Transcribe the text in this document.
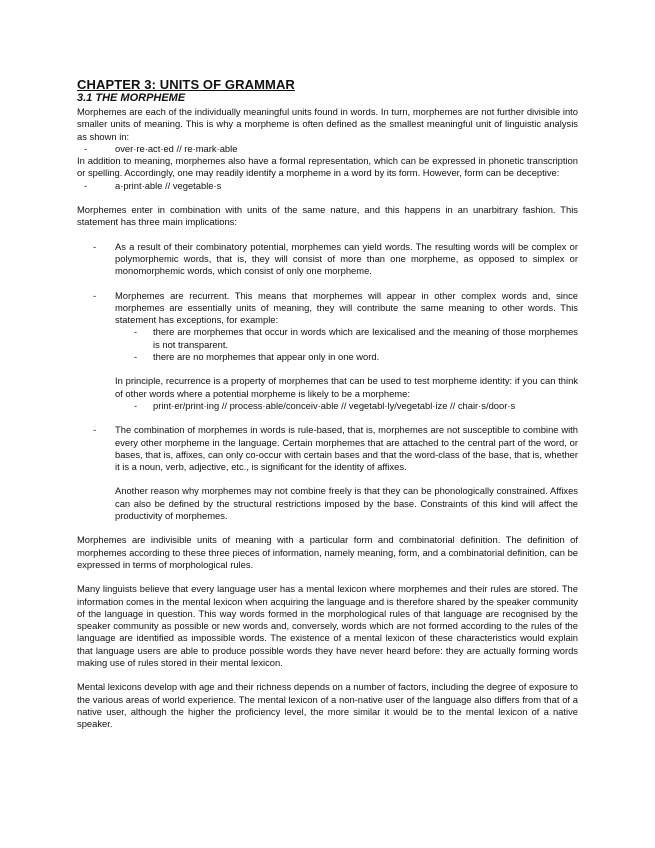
CHAPTER 3: UNITS OF GRAMMAR
3.1 THE MORPHEME

Morphemes are each of the individually meaningful units found in words. In turn, morphemes are not further divisible into smaller units of meaning. This is why a morpheme is often defined as the smallest meaningful unit of linguistic analysis as shown in:

- over·re·act·ed // re·mark·able

In addition to meaning, morphemes also have a formal representation, which can be expressed in phonetic transcription or spelling. Accordingly, one may readily identify a morpheme in a word by its form. However, form can be deceptive:

- a·print·able // vegetable·s

Morphemes enter in combination with units of the same nature, and this happens in an unarbitrary fashion. This statement has three main implications:

- As a result of their combinatory potential, morphemes can yield words. The resulting words will be complex or polymorphemic words, that is, they will consist of more than one morpheme, as opposed to simplex or monomorphemic words, which consist of only one morpheme.
- Morphemes are recurrent. This means that morphemes will appear in other complex words and, since morphemes are essentially units of meaning, they will contribute the same meaning to other words. This statement has exceptions, for example:
- there are morphemes that occur in words which are lexicalised and the meaning of those morphemes is not transparent.
- there are no morphemes that appear only in one word.
In principle, recurrence is a property of morphemes that can be used to test morpheme identity: if you can think of other words where a potential morpheme is likely to be a morpheme:
- print·er/print·ing // process·able/conceiv·able // vegetabl·ly/vegetabl·ize // chair·s/door·s
- The combination of morphemes in words is rule-based, that is, morphemes are not susceptible to combine with every other morpheme in the language. Certain morphemes that are attached to the central part of the word, or bases, that is, affixes, can only co-occur with certain bases and that the word-class of the base, that is, whether it is a noun, verb, adjective, etc., is significant for the identity of affixes.
Another reason why morphemes may not combine freely is that they can be phonologically constrained. Affixes can also be defined by the structural restrictions imposed by the base. Constraints of this kind will affect the productivity of morphemes.

Morphemes are indivisible units of meaning with a particular form and combinatorial definition. The definition of morphemes according to these three pieces of information, namely meaning, form, and a combinatorial definition, can be expressed in terms of morphological rules.

Many linguists believe that every language user has a mental lexicon where morphemes and their rules are stored. The information comes in the mental lexicon when acquiring the language and is therefore shared by the speaker community of the language in question. This way words formed in the morphological rules of that language are recognised by the speaker community as possible or new words and, conversely, words which are not formed according to the rules of the language are identified as impossible words. The existence of a mental lexicon of these characteristics would explain that language users are able to produce possible words they have never heard before: they are actually forming words making use of rules stored in their mental lexicon.

Mental lexicons develop with age and their richness depends on a number of factors, including the degree of exposure to the various areas of world experience. The mental lexicon of a non-native user of the language also differs from that of a native user, although the higher the proficiency level, the more similar it would be to the mental lexicon of a native speaker.
